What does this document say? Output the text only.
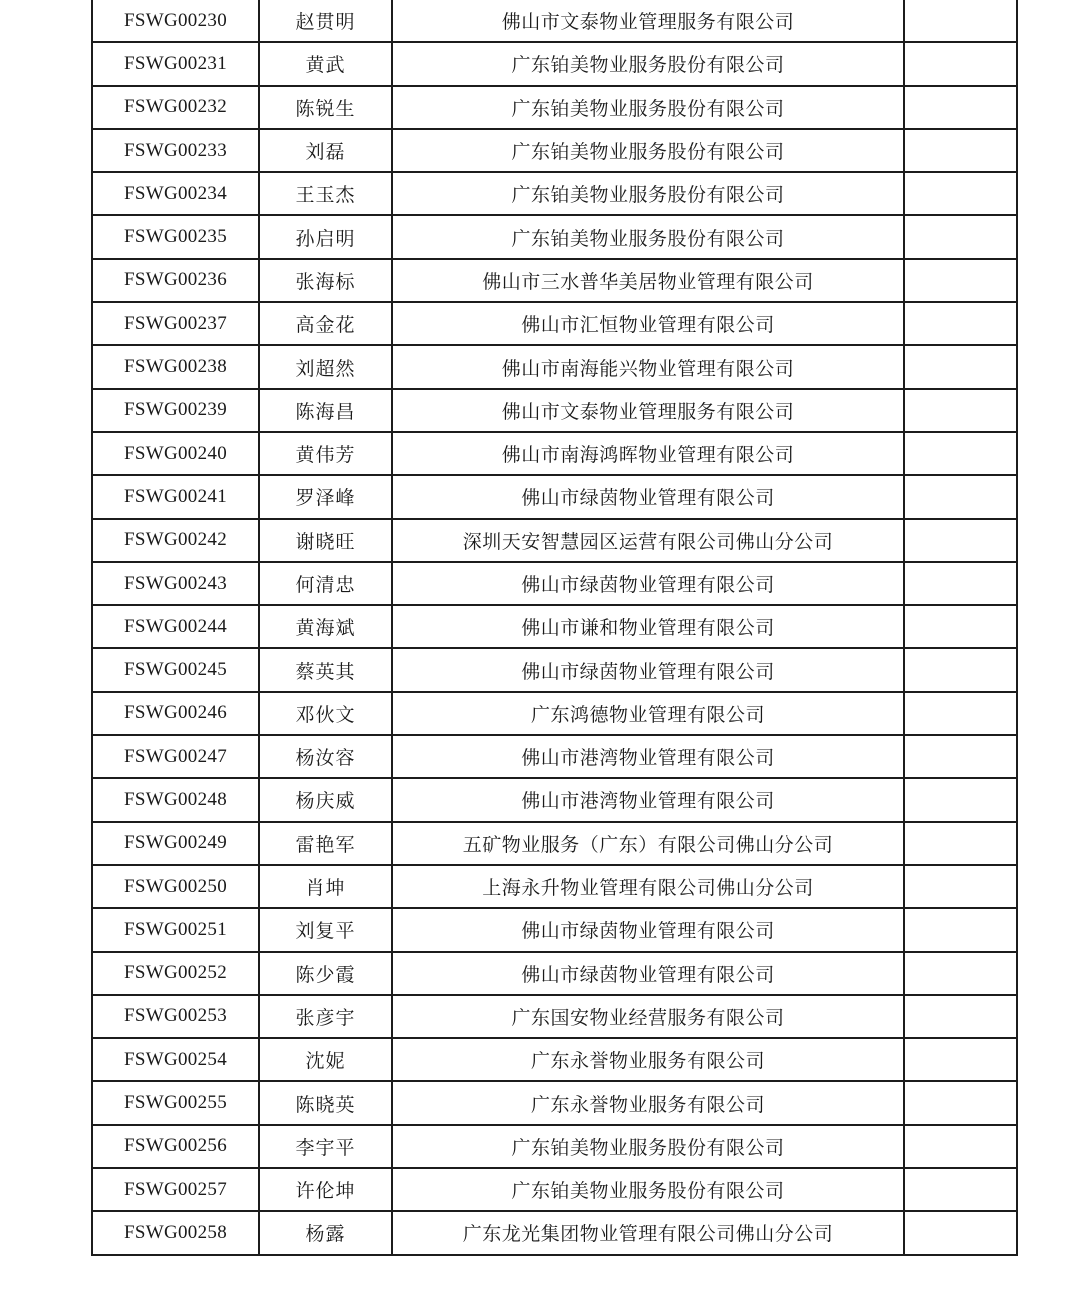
FSWG00230	赵贯明	佛山市文泰物业管理服务有限公司	
FSWG00231	黄武	广东铂美物业服务股份有限公司	
FSWG00232	陈锐生	广东铂美物业服务股份有限公司	
FSWG00233	刘磊	广东铂美物业服务股份有限公司	
FSWG00234	王玉杰	广东铂美物业服务股份有限公司	
FSWG00235	孙启明	广东铂美物业服务股份有限公司	
FSWG00236	张海标	佛山市三水普华美居物业管理有限公司	
FSWG00237	高金花	佛山市汇恒物业管理有限公司	
FSWG00238	刘超然	佛山市南海能兴物业管理有限公司	
FSWG00239	陈海昌	佛山市文泰物业管理服务有限公司	
FSWG00240	黄伟芳	佛山市南海鸿晖物业管理有限公司	
FSWG00241	罗泽峰	佛山市绿茵物业管理有限公司	
FSWG00242	谢晓旺	深圳天安智慧园区运营有限公司佛山分公司	
FSWG00243	何清忠	佛山市绿茵物业管理有限公司	
FSWG00244	黄海斌	佛山市谦和物业管理有限公司	
FSWG00245	蔡英其	佛山市绿茵物业管理有限公司	
FSWG00246	邓伙文	广东鸿德物业管理有限公司	
FSWG00247	杨汝容	佛山市港湾物业管理有限公司	
FSWG00248	杨庆威	佛山市港湾物业管理有限公司	
FSWG00249	雷艳军	五矿物业服务（广东）有限公司佛山分公司	
FSWG00250	肖坤	上海永升物业管理有限公司佛山分公司	
FSWG00251	刘复平	佛山市绿茵物业管理有限公司	
FSWG00252	陈少霞	佛山市绿茵物业管理有限公司	
FSWG00253	张彦宇	广东国安物业经营服务有限公司	
FSWG00254	沈妮	广东永誉物业服务有限公司	
FSWG00255	陈晓英	广东永誉物业服务有限公司	
FSWG00256	李宇平	广东铂美物业服务股份有限公司	
FSWG00257	许伦坤	广东铂美物业服务股份有限公司	
FSWG00258	杨露	广东龙光集团物业管理有限公司佛山分公司	
